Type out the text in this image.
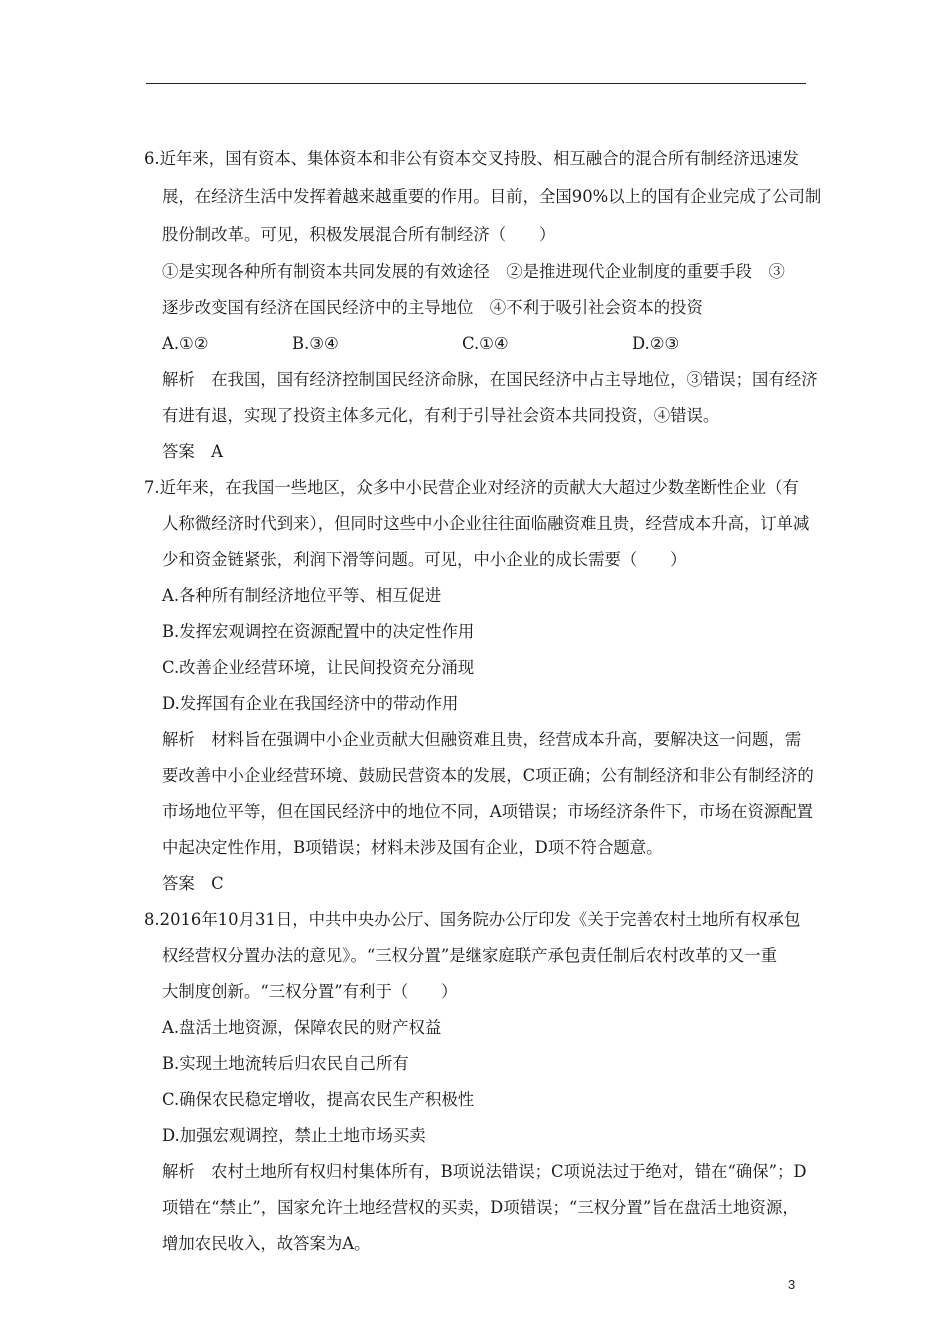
6.近年来，国有资本、集体资本和非公有资本交叉持股、相互融合的混合所有制经济迅速发
展，在经济生活中发挥着越来越重要的作用。目前，全国90%以上的国有企业完成了公司制
股份制改革。可见，积极发展混合所有制经济（　　）
①是实现各种所有制资本共同发展的有效途径　②是推进现代企业制度的重要手段　③
逐步改变国有经济在国民经济中的主导地位　④不利于吸引社会资本的投资
A.①②	B.③④	C.①④	D.②③
解析　在我国，国有经济控制国民经济命脉，在国民经济中占主导地位，③错误；国有经济
有进有退，实现了投资主体多元化，有利于引导社会资本共同投资，④错误。
答案　A
7.近年来，在我国一些地区，众多中小民营企业对经济的贡献大大超过少数垄断性企业（有
人称微经济时代到来），但同时这些中小企业往往面临融资难且贵，经营成本升高，订单减
少和资金链紧张，利润下滑等问题。可见，中小企业的成长需要（　　）
A.各种所有制经济地位平等、相互促进
B.发挥宏观调控在资源配置中的决定性作用
C.改善企业经营环境，让民间投资充分涌现
D.发挥国有企业在我国经济中的带动作用
解析　材料旨在强调中小企业贡献大但融资难且贵，经营成本升高，要解决这一问题，需
要改善中小企业经营环境、鼓励民营资本的发展，C项正确；公有制经济和非公有制经济的
市场地位平等，但在国民经济中的地位不同，A项错误；市场经济条件下，市场在资源配置
中起决定性作用，B项错误；材料未涉及国有企业，D项不符合题意。
答案　C
8.2016年10月31日，中共中央办公厅、国务院办公厅印发《关于完善农村土地所有权承包
权经营权分置办法的意见》。“三权分置”是继家庭联产承包责任制后农村改革的又一重
大制度创新。“三权分置”有利于（　　）
A.盘活土地资源，保障农民的财产权益
B.实现土地流转后归农民自己所有
C.确保农民稳定增收，提高农民生产积极性
D.加强宏观调控，禁止土地市场买卖
解析　农村土地所有权归村集体所有，B项说法错误；C项说法过于绝对，错在“确保”；D
项错在“禁止”，国家允许土地经营权的买卖，D项错误；“三权分置”旨在盘活土地资源，
增加农民收入，故答案为A。
3
